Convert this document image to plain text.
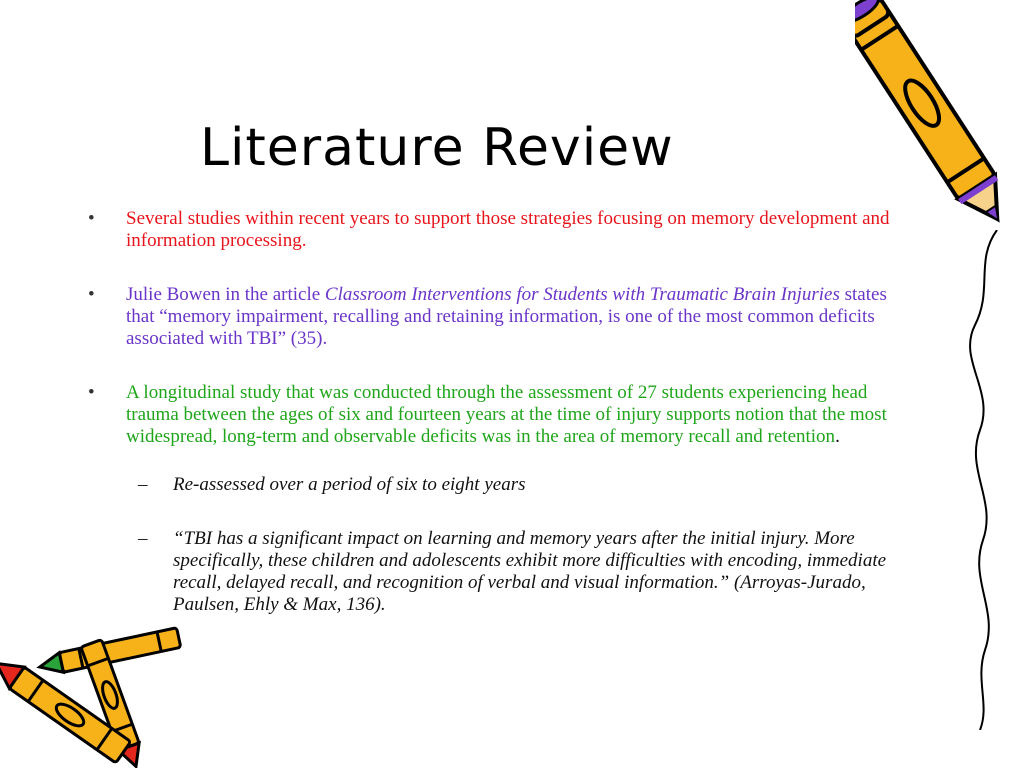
Literature Review
• Several studies within recent years to support those strategies focusing on memory development and information processing.
• Julie Bowen in the article Classroom Interventions for Students with Traumatic Brain Injuries states that “memory impairment, recalling and retaining information, is one of the most common deficits associated with TBI” (35).
• A longitudinal study that was conducted through the assessment of 27 students experiencing head trauma between the ages of six and fourteen years at the time of injury supports notion that the most widespread, long-term and observable deficits was in the area of memory recall and retention.
– Re-assessed over a period of six to eight years
– “TBI has a significant impact on learning and memory years after the initial injury. More specifically, these children and adolescents exhibit more difficulties with encoding, immediate recall, delayed recall, and recognition of verbal and visual information.” (Arroyas-Jurado, Paulsen, Ehly & Max, 136).
